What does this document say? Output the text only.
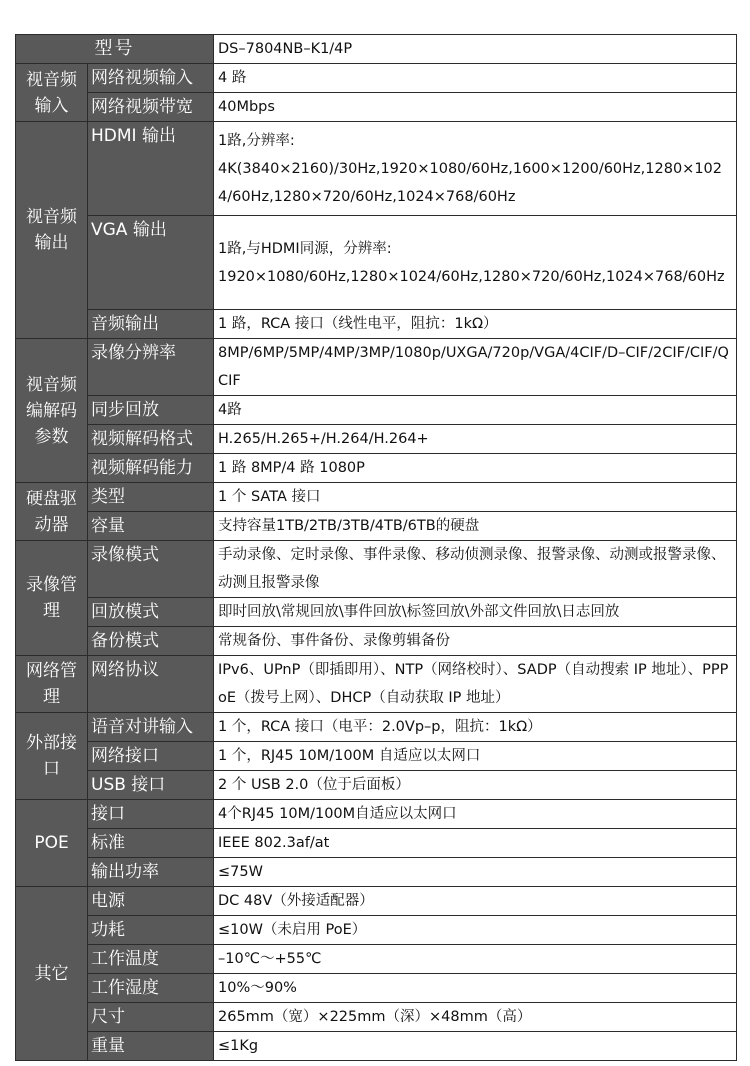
型号		DS–7804NB–K1/4P
视音频输入	网络视频输入	4 路
	网络视频带宽	40Mbps
视音频输出	HDMI 输出	1路,分辨率:
4K(3840×2160)/30Hz,1920×1080/60Hz,1600×1200/60Hz,1280×1024/60Hz,1280×720/60Hz,1024×768/60Hz
	VGA 输出	1路,与HDMI同源，分辨率:
1920×1080/60Hz,1280×1024/60Hz,1280×720/60Hz,1024×768/60Hz
	音频输出	1 路，RCA 接口（线性电平，阻抗：1kΩ）
视音频编解码参数	录像分辨率	8MP/6MP/5MP/4MP/3MP/1080p/UXGA/720p/VGA/4CIF/D–CIF/2CIF/CIF/QCIF
	同步回放	4路
	视频解码格式	H.265/H.265+/H.264/H.264+
	视频解码能力	1 路 8MP/4 路 1080P
硬盘驱动器	类型	1 个 SATA 接口
	容量	支持容量1TB/2TB/3TB/4TB/6TB的硬盘
录像管理	录像模式	手动录像、定时录像、事件录像、移动侦测录像、报警录像、动测或报警录像、动测且报警录像
	回放模式	即时回放\常规回放\事件回放\标签回放\外部文件回放\日志回放
	备份模式	常规备份、事件备份、录像剪辑备份
网络管理	网络协议	IPv6、UPnP（即插即用）、NTP（网络校时）、SADP（自动搜索 IP 地址）、PPPoE（拨号上网）、DHCP（自动获取 IP 地址）
外部接口	语音对讲输入	1 个，RCA 接口（电平：2.0Vp–p，阻抗：1kΩ）
	网络接口	1 个，RJ45 10M/100M 自适应以太网口
	USB 接口	2 个 USB 2.0（位于后面板）
POE	接口	4个RJ45 10M/100M自适应以太网口
	标准	IEEE 802.3af/at
	输出功率	≤75W
其它	电源	DC 48V（外接适配器）
	功耗	≤10W（未启用 PoE）
	工作温度	–10℃～+55℃
	工作湿度	10%～90%
	尺寸	265mm（宽）×225mm（深）×48mm（高）
	重量	≤1Kg
